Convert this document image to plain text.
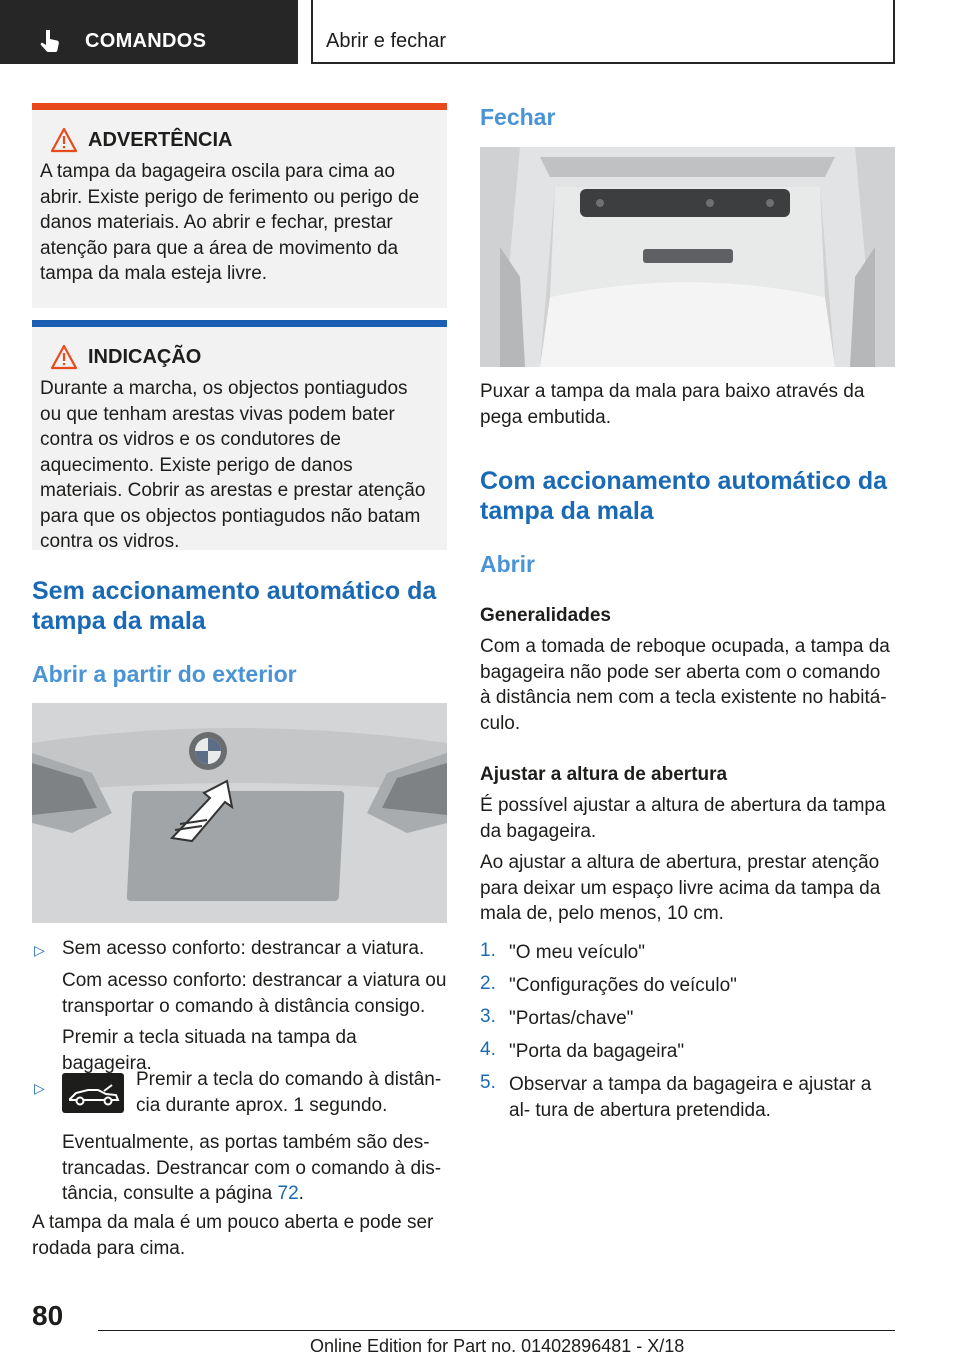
COMANDOS	Abrir e fechar
ADVERTÊNCIA

A tampa da bagageira oscila para cima ao abrir. Existe perigo de ferimento ou perigo de danos materiais. Ao abrir e fechar, prestar atenção para que a área de movimento da tampa da mala esteja livre.

INDICAÇÃO

Durante a marcha, os objectos pontiagudos ou que tenham arestas vivas podem bater contra os vidros e os condutores de aquecimento. Existe perigo de danos materiais. Cobrir as arestas e prestar atenção para que os objectos pontiagudos não batam contra os vidros.

Sem accionamento automático da tampa da mala
Abrir a partir do exterior
▷ Sem acesso conforto: destrancar a viatura.

Com acesso conforto: destrancar a viatura ou transportar o comando à distância consigo.

Premir a tecla situada na tampa da bagageira.

▷	Premir a tecla do comando à distân‐ cia durante aprox. 1 segundo.

Eventualmente, as portas também são des‐ trancadas. Destrancar com o comando à dis‐ tância, consulte a página 72.

A tampa da mala é um pouco aberta e pode ser rodada para cima.

Fechar

Puxar a tampa da mala para baixo através da pega embutida.

Com accionamento automático da tampa da mala
Abrir
Generalidades

Com a tomada de reboque ocupada, a tampa da bagageira não pode ser aberta com o comando à distância nem com a tecla existente no habitá‐ culo.

Ajustar a altura de abertura

É possível ajustar a altura de abertura da tampa da bagageira.

Ao ajustar a altura de abertura, prestar atenção para deixar um espaço livre acima da tampa da mala de, pelo menos, 10 cm.

1. "O meu veículo"

2. "Configurações do veículo"

3. "Portas/chave"

4. "Porta da bagageira"

5. Observar a tampa da bagageira e ajustar a al‐ tura de abertura pretendida.

80
Online Edition for Part no. 01402896481 - X/18
